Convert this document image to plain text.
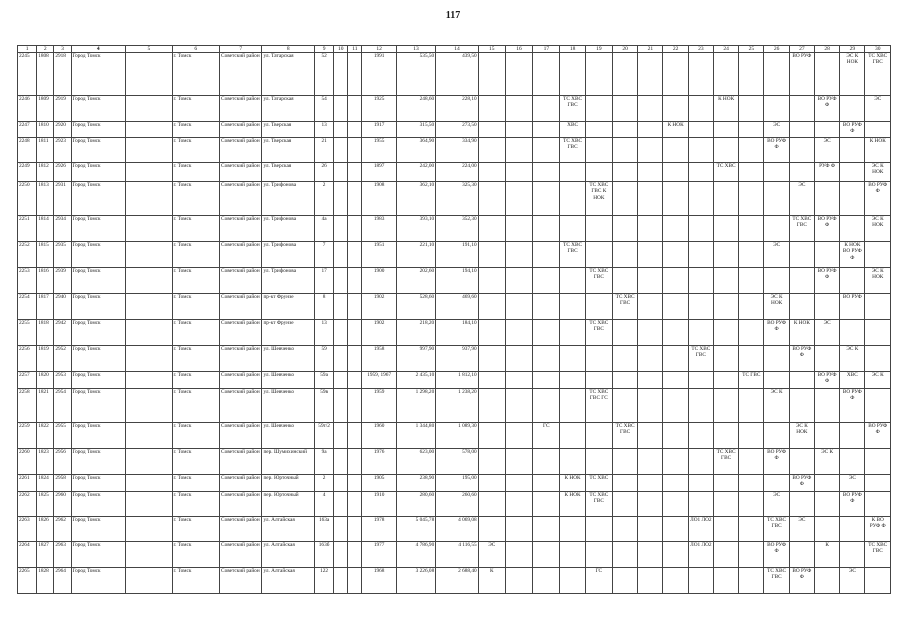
117
1	2	3	4	5	6	7	8	9	10	11	12	13	14	15	16	17	18	19	20	21	22	23	24	25	26	27	28	29	30
2245	1808	2918	Город Томск		г. Томск	Советский район	ул. Татарская	52			1991	535,50	439,50													ВО РУФ		ЭС К НОК	ТС ХВС ГВС
2246	1809	2919	Город Томск		г. Томск	Советский район	ул. Татарская	54			1925	248,60	228,10				ТС ХВС ГВС						К НОК				ВО РУФ Ф		ЭС
2247	1810	2920	Город Томск		г. Томск	Советский район	ул. Тверская	13			1917	315,50	273,50				ХВС				К НОК				ЭС			ВО РУФ Ф	
2248	1811	2923	Город Томск		г. Томск	Советский район	ул. Тверская	21			1955	364,90	334,90				ТС ХВС ГВС								ВО РУФ Ф		ЭС		К НОК
2249	1812	2926	Город Томск		г. Томск	Советский район	ул. Тверская	26			1897	242,00	224,00										ТС ХВС				РУФ Ф		ЭС К НОК
2250	1813	2931	Город Томск		г. Томск	Советский район	ул. Трифонова	2			1908	362,10	325,30					ТС ХВС ГВС К НОК								ЭС			ВО РУФ Ф
2251	1814	2934	Город Томск		г. Томск	Советский район	ул. Трифонова	4а			1983	393,10	352,30													ТС ХВС ГВС	ВО РУФ Ф		ЭС К НОК
2252	1815	2935	Город Томск		г. Томск	Советский район	ул. Трифонова	7			1951	221,10	191,10				ТС ХВС ГВС								ЭС			К НОК ВО РУФ Ф	
2253	1816	2939	Город Томск		г. Томск	Советский район	ул. Трифонова	17			1900	202,60	194,10					ТС ХВС ГВС									ВО РУФ Ф		ЭС К НОК
2254	1817	2940	Город Томск		г. Томск	Советский район	пр-кт Фрунзе	8			1902	528,60	469,60						ТС ХВС ГВС						ЭС К НОК			ВО РУФ	
2255	1818	2942	Город Томск		г. Томск	Советский район	пр-кт Фрунзе	13			1902	218,20	184,10					ТС ХВС ГВС							ВО РУФ Ф	К НОК	ЭС		
2256	1819	2952	Город Томск		г. Томск	Советский район	ул. Шевченко	59			1958	997,90	937,90									ТС ХВС ГВС				ВО РУФ Ф		ЭС К	
2257	1820	2953	Город Томск		г. Томск	Советский район	ул. Шевченко	59а			1959, 1967	2 435,10	1 812,10											ТС ГВС			ВО РУФ Ф	ХВС	ЭС К
2258	1821	2954	Город Томск		г. Томск	Советский район	ул. Шевченко	59в			1959	1 298,20	1 238,20					ТС ХВС ГВС ГС							ЭС К			ВО РУФ Ф	
2259	1822	2955	Город Томск		г. Томск	Советский район	ул. Шевченко	59г/2			1960	1 344,80	1 089,30			ГС			ТС ХВС ГВС							ЭС К НОК			ВО РУФ Ф
2260	1823	2956	Город Томск		г. Томск	Советский район	пер. Шумихинский	9а			1976	623,00	578,00										ТС ХВС ГВС		ВО РУФ Ф		ЭС К		
2261	1824	2958	Город Томск		г. Томск	Советский район	пер. Юрточный	2			1905	238,90	195,00				К НОК	ТС ХВС								ВО РУФ Ф		ЭС	
2262	1825	2960	Город Томск		г. Томск	Советский район	пер. Юрточный	4			1910	280,60	260,60				К НОК	ТС ХВС ГВС							ЭС			ВО РУФ Ф	
2263	1826	2962	Город Томск		г. Томск	Советский район	ул. Алтайская	163а			1978	5 045,78	4 069,08									ЛО1 ЛО2			ТС ХВС ГВС	ЭС			К ВО РУФ Ф
2264	1827	2963	Город Томск		г. Томск	Советский район	ул. Алтайская	163б			1977	4 786,90	4 116,55	ЭС								ЛО1 ЛО2			ВО РУФ Ф		К		ТС ХВС ГВС
2265	1828	2964	Город Томск		г. Томск	Советский район	ул. Алтайская	122			1968	3 226,08	2 688,40	К				ГС							ТС ХВС ГВС	ВО РУФ Ф		ЭС	
